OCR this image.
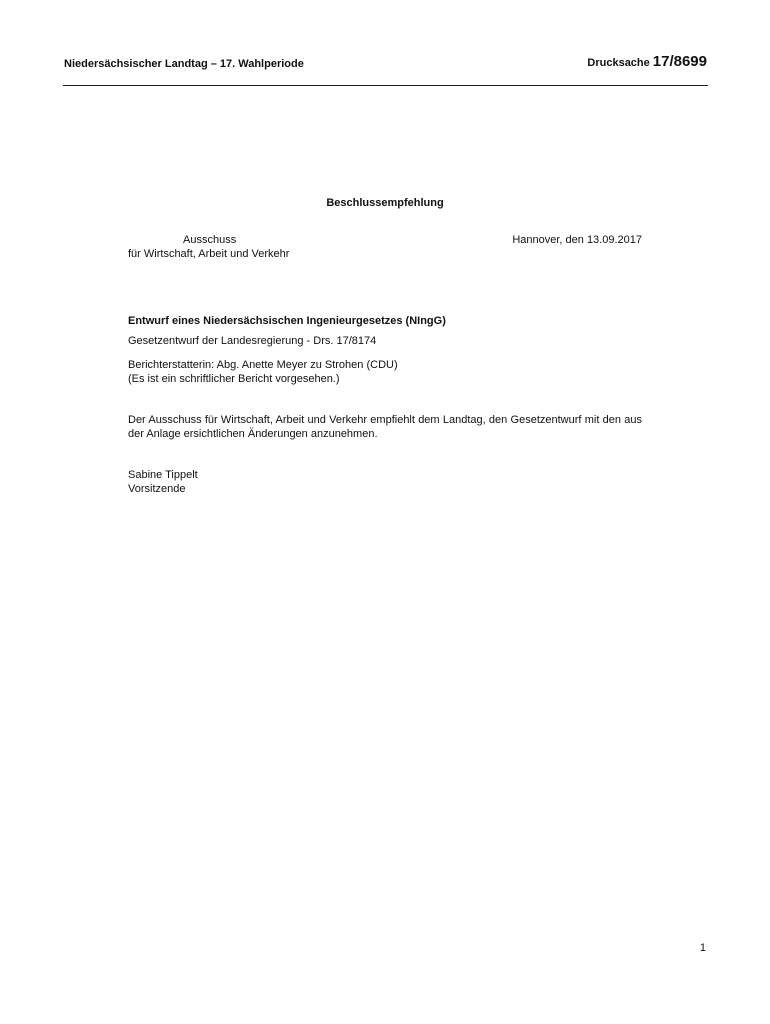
Niedersächsischer Landtag – 17. Wahlperiode	Drucksache 17/8699
Beschlussempfehlung
Ausschuss
für Wirtschaft, Arbeit und Verkehr
Hannover, den 13.09.2017
Entwurf eines Niedersächsischen Ingenieurgesetzes (NIngG)
Gesetzentwurf der Landesregierung - Drs. 17/8174
Berichterstatterin: Abg. Anette Meyer zu Strohen (CDU)
(Es ist ein schriftlicher Bericht vorgesehen.)
Der Ausschuss für Wirtschaft, Arbeit und Verkehr empfiehlt dem Landtag, den Gesetzentwurf mit den aus der Anlage ersichtlichen Änderungen anzunehmen.
Sabine Tippelt
Vorsitzende
1
